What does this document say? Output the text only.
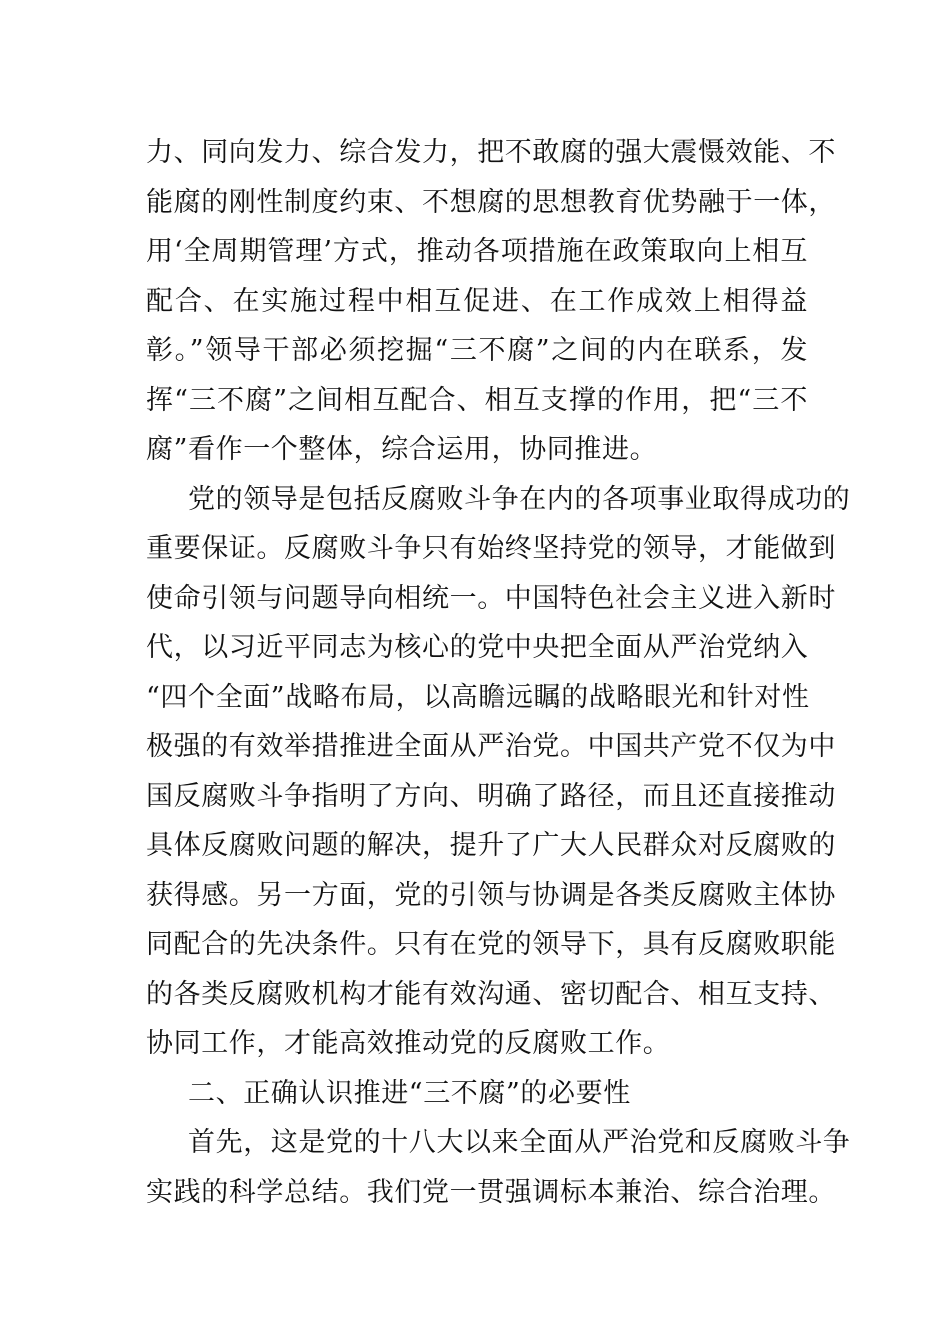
力、同向发力、综合发力，把不敢腐的强大震慑效能、不
能腐的刚性制度约束、不想腐的思想教育优势融于一体，
用‘全周期管理’方式，推动各项措施在政策取向上相互
配合、在实施过程中相互促进、在工作成效上相得益
彰。”领导干部必须挖掘“三不腐”之间的内在联系，发
挥“三不腐”之间相互配合、相互支撑的作用，把“三不
腐”看作一个整体，综合运用，协同推进。
党的领导是包括反腐败斗争在内的各项事业取得成功的
重要保证。反腐败斗争只有始终坚持党的领导，才能做到
使命引领与问题导向相统一。中国特色社会主义进入新时
代，以习近平同志为核心的党中央把全面从严治党纳入
“四个全面”战略布局，以高瞻远瞩的战略眼光和针对性
极强的有效举措推进全面从严治党。中国共产党不仅为中
国反腐败斗争指明了方向、明确了路径，而且还直接推动
具体反腐败问题的解决，提升了广大人民群众对反腐败的
获得感。另一方面，党的引领与协调是各类反腐败主体协
同配合的先决条件。只有在党的领导下，具有反腐败职能
的各类反腐败机构才能有效沟通、密切配合、相互支持、
协同工作，才能高效推动党的反腐败工作。
二、正确认识推进“三不腐”的必要性
首先，这是党的十八大以来全面从严治党和反腐败斗争
实践的科学总结。我们党一贯强调标本兼治、综合治理。
